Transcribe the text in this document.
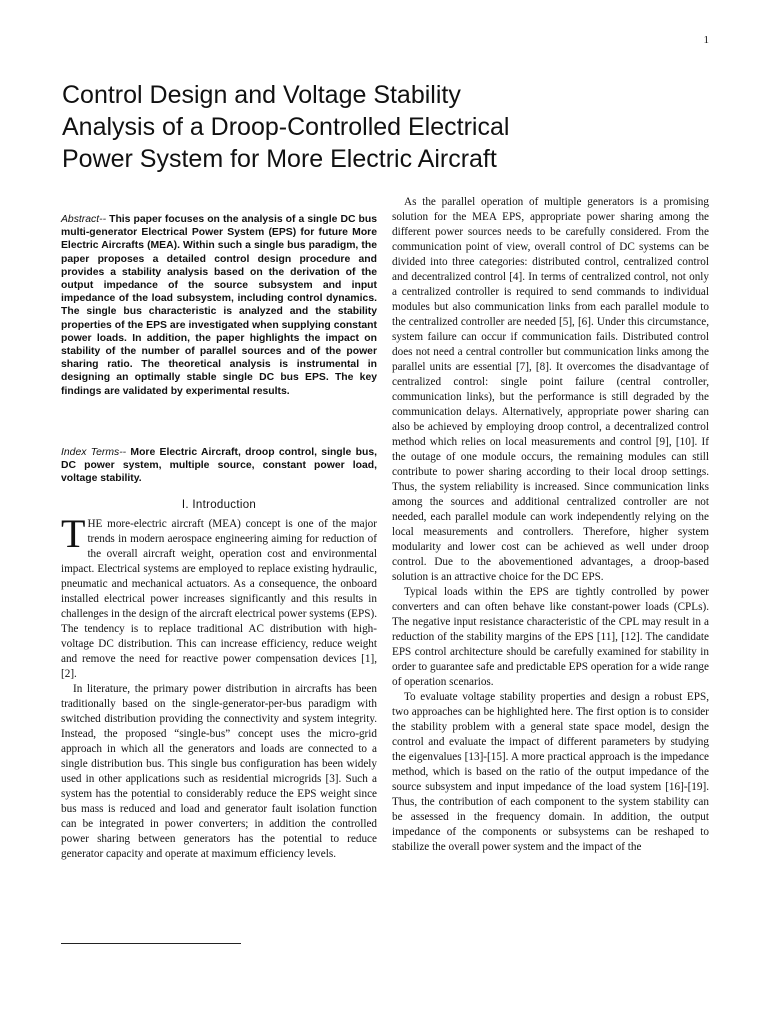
1
Control Design and Voltage Stability
Analysis of a Droop-Controlled Electrical
Power System for More Electric Aircraft
Abstract-- This paper focuses on the analysis of a single DC bus multi-generator Electrical Power System (EPS) for future More Electric Aircrafts (MEA). Within such a single bus paradigm, the paper proposes a detailed control design procedure and provides a stability analysis based on the derivation of the output impedance of the source subsystem and input impedance of the load subsystem, including control dynamics. The single bus characteristic is analyzed and the stability properties of the EPS are investigated when supplying constant power loads. In addition, the paper highlights the impact on stability of the number of parallel sources and of the power sharing ratio. The theoretical analysis is instrumental in designing an optimally stable single DC bus EPS. The key findings are validated by experimental results.
Index Terms-- More Electric Aircraft, droop control, single bus, DC power system, multiple source, constant power load, voltage stability.
I. Introduction

THE more-electric aircraft (MEA) concept is one of the major trends in modern aerospace engineering aiming for reduction of the overall aircraft weight, operation cost and environmental impact. Electrical systems are employed to replace existing hydraulic, pneumatic and mechanical actuators. As a consequence, the onboard installed electrical power increases significantly and this results in challenges in the design of the aircraft electrical power systems (EPS). The tendency is to replace traditional AC distribution with high-voltage DC distribution. This can increase efficiency, reduce weight and remove the need for reactive power compensation devices [1], [2].

In literature, the primary power distribution in aircrafts has been traditionally based on the single-generator-per-bus paradigm with switched distribution providing the connectivity and system integrity. Instead, the proposed “single-bus” concept uses the micro-grid approach in which all the generators and loads are connected to a single distribution bus. This single bus configuration has been widely used in other applications such as residential microgrids [3]. Such a system has the potential to considerably reduce the EPS weight since bus mass is reduced and load and generator fault isolation function can be integrated in power converters; in addition the controlled power sharing between generators has the potential to reduce generator capacity and operate at maximum efficiency levels.

As the parallel operation of multiple generators is a promising solution for the MEA EPS, appropriate power sharing among the different power sources needs to be carefully considered. From the communication point of view, overall control of DC systems can be divided into three categories: distributed control, centralized control and decentralized control [4]. In terms of centralized control, not only a centralized controller is required to send commands to individual modules but also communication links from each parallel module to the centralized controller are needed [5], [6]. Under this circumstance, system failure can occur if communication fails. Distributed control does not need a central controller but communication links among the parallel units are essential [7], [8]. It overcomes the disadvantage of centralized control: single point failure (central controller, communication links), but the performance is still degraded by the communication delays. Alternatively, appropriate power sharing can also be achieved by employing droop control, a decentralized control method which relies on local measurements and control [9], [10]. If the outage of one module occurs, the remaining modules can still contribute to power sharing according to their local droop settings. Thus, the system reliability is increased. Since communication links among the sources and additional centralized controller are not needed, each parallel module can work independently relying on the local measurements and controllers. Therefore, higher system modularity and lower cost can be achieved as well under droop control. Due to the abovementioned advantages, a droop-based solution is an attractive choice for the DC EPS.

Typical loads within the EPS are tightly controlled by power converters and can often behave like constant-power loads (CPLs). The negative input resistance characteristic of the CPL may result in a reduction of the stability margins of the EPS [11], [12]. The candidate EPS control architecture should be carefully examined for stability in order to guarantee safe and predictable EPS operation for a wide range of operation scenarios.

To evaluate voltage stability properties and design a robust EPS, two approaches can be highlighted here. The first option is to consider the stability problem with a general state space model, design the control and evaluate the impact of different parameters by studying the eigenvalues [13]-[15]. A more practical approach is the impedance method, which is based on the ratio of the output impedance of the source subsystem and input impedance of the load system [16]-[19]. Thus, the contribution of each component to the system stability can be assessed in the frequency domain. In addition, the output impedance of the components or subsystems can be reshaped to stabilize the overall power system and the impact of the
